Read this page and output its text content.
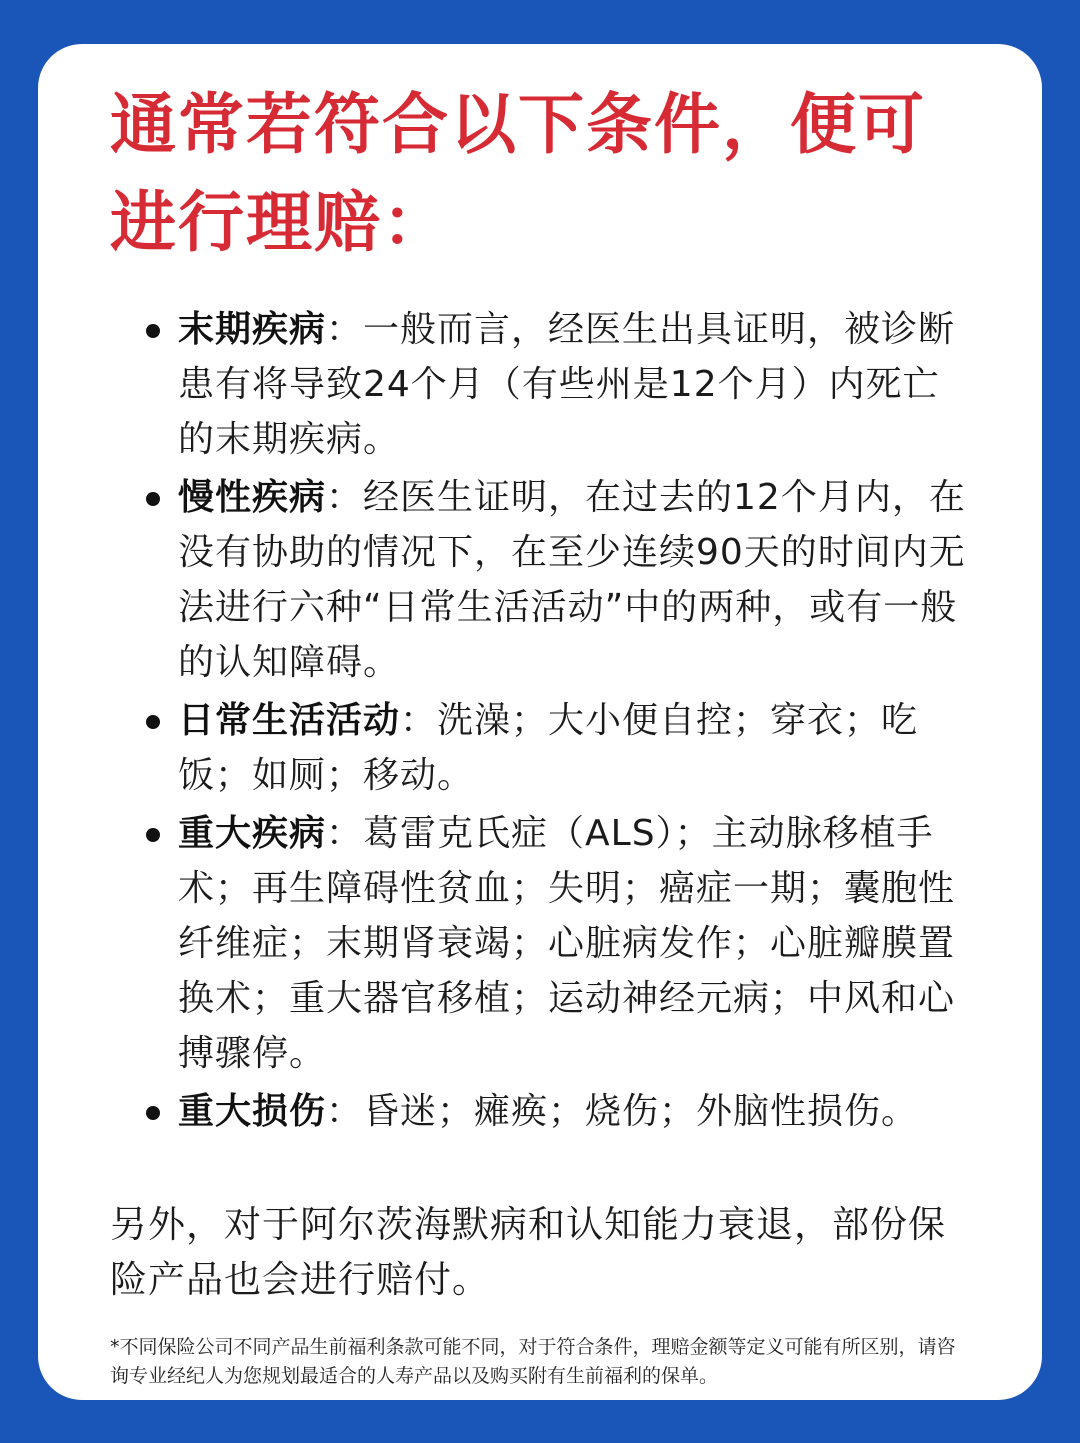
通常若符合以下条件，便可
进行理赔：
末期疾病：一般而言，经医生出具证明，被诊断患有将导致24个月（有些州是12个月）内死亡的末期疾病。
慢性疾病：经医生证明，在过去的12个月内，在没有协助的情况下，在至少连续90天的时间内无法进行六种“日常生活活动”中的两种，或有一般的认知障碍。
日常生活活动：洗澡；大小便自控；穿衣；吃饭；如厕；移动。
重大疾病：葛雷克氏症（ALS）；主动脉移植手术；再生障碍性贫血；失明；癌症一期；囊胞性纤维症；末期肾衰竭；心脏病发作；心脏瓣膜置换术；重大器官移植；运动神经元病；中风和心搏骤停。
重大损伤：昏迷；瘫痪；烧伤；外脑性损伤。

另外，对于阿尔茨海默病和认知能力衰退，部份保险产品也会进行赔付。

*不同保险公司不同产品生前福利条款可能不同，对于符合条件，理赔金额等定义可能有所区别，请咨询专业经纪人为您规划最适合的人寿产品以及购买附有生前福利的保单。
